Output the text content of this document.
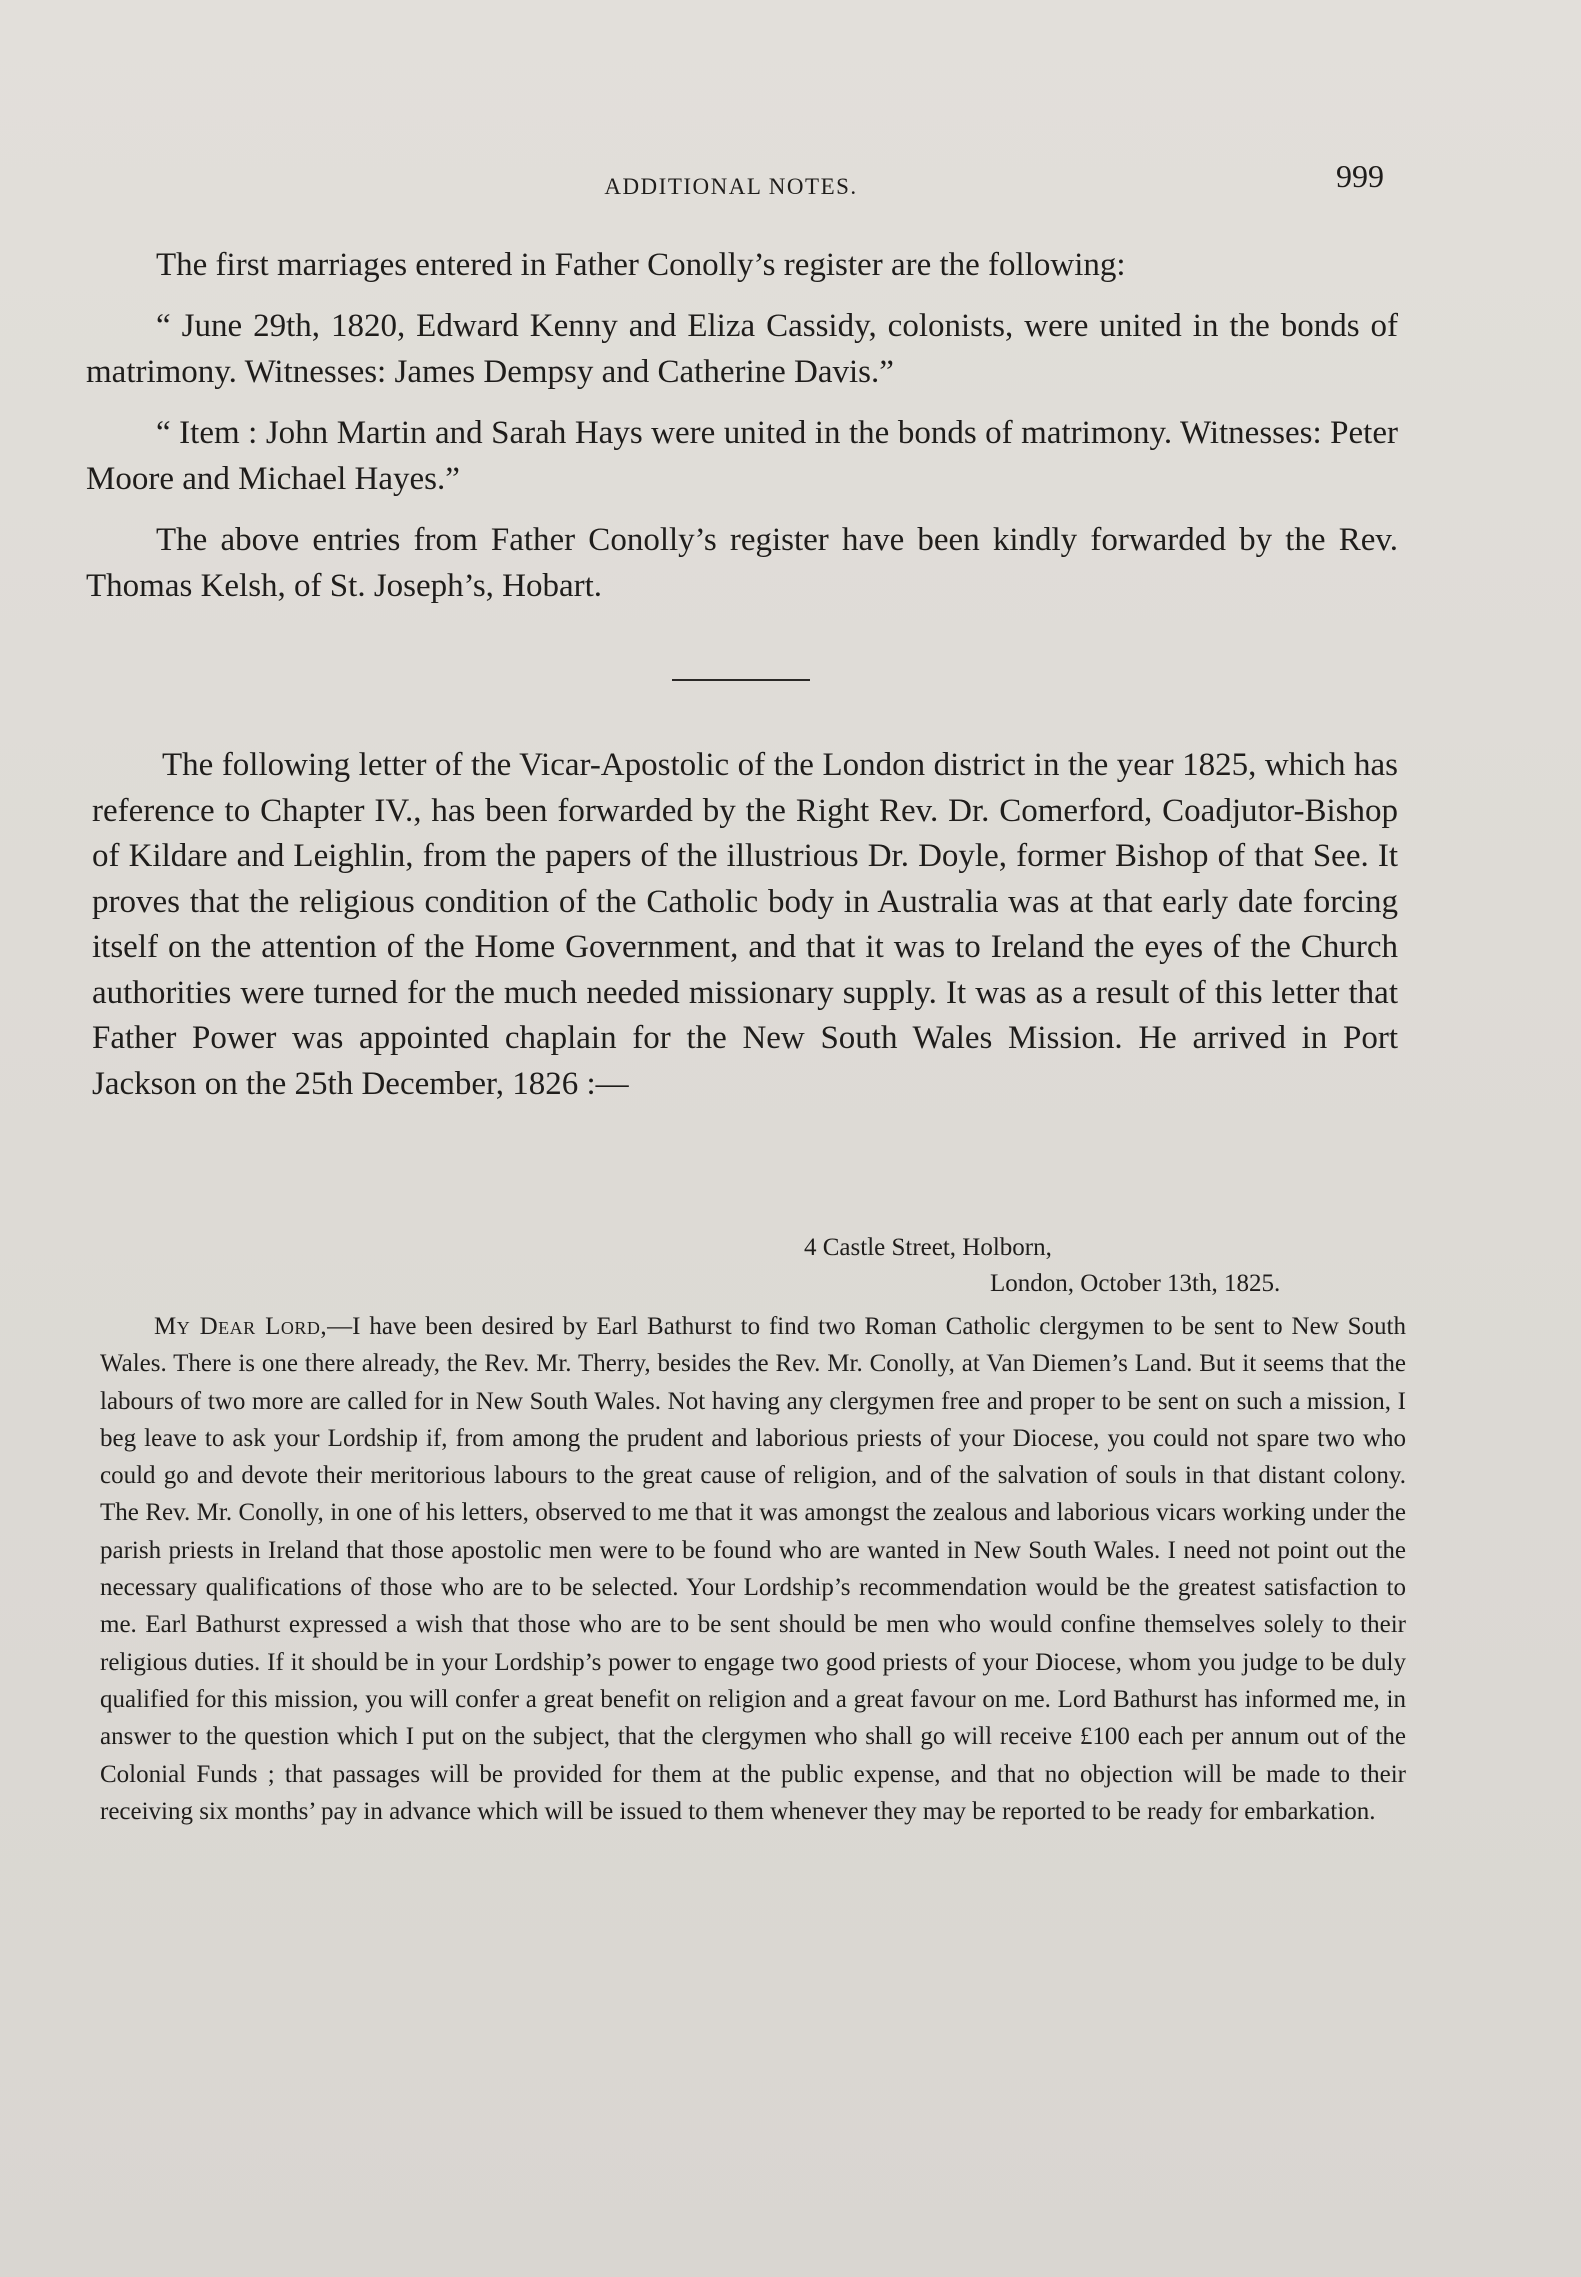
ADDITIONAL NOTES.	999

The first marriages entered in Father Conolly’s register are the following:

“ June 29th, 1820, Edward Kenny and Eliza Cassidy, colonists, were united in the bonds of matrimony. Witnesses: James Dempsy and Catherine Davis.”

“ Item : John Martin and Sarah Hays were united in the bonds of matrimony. Witnesses: Peter Moore and Michael Hayes.”

The above entries from Father Conolly’s register have been kindly forwarded by the Rev. Thomas Kelsh, of St. Joseph’s, Hobart.

The following letter of the Vicar-Apostolic of the London district in the year 1825, which has reference to Chapter IV., has been forwarded by the Right Rev. Dr. Comerford, Coadjutor-Bishop of Kildare and Leighlin, from the papers of the illustrious Dr. Doyle, former Bishop of that See. It proves that the religious condition of the Catholic body in Australia was at that early date forcing itself on the attention of the Home Government, and that it was to Ireland the eyes of the Church authorities were turned for the much needed missionary supply. It was as a result of this letter that Father Power was appointed chaplain for the New South Wales Mission. He arrived in Port Jackson on the 25th December, 1826 :—

4 Castle Street, Holborn,
London, October 13th, 1825.

My Dear Lord,—I have been desired by Earl Bathurst to find two Roman Catholic clergymen to be sent to New South Wales. There is one there already, the Rev. Mr. Therry, besides the Rev. Mr. Conolly, at Van Diemen’s Land. But it seems that the labours of two more are called for in New South Wales. Not having any clergymen free and proper to be sent on such a mission, I beg leave to ask your Lordship if, from among the prudent and laborious priests of your Diocese, you could not spare two who could go and devote their meritorious labours to the great cause of religion, and of the salvation of souls in that distant colony. The Rev. Mr. Conolly, in one of his letters, observed to me that it was amongst the zealous and laborious vicars working under the parish priests in Ireland that those apostolic men were to be found who are wanted in New South Wales. I need not point out the necessary qualifications of those who are to be selected. Your Lordship’s recommendation would be the greatest satisfaction to me. Earl Bathurst expressed a wish that those who are to be sent should be men who would confine themselves solely to their religious duties. If it should be in your Lordship’s power to engage two good priests of your Diocese, whom you judge to be duly qualified for this mission, you will confer a great benefit on religion and a great favour on me. Lord Bathurst has informed me, in answer to the question which I put on the subject, that the clergymen who shall go will receive £100 each per annum out of the Colonial Funds ; that passages will be provided for them at the public expense, and that no objection will be made to their receiving six months’ pay in advance which will be issued to them whenever they may be reported to be ready for embarkation.
